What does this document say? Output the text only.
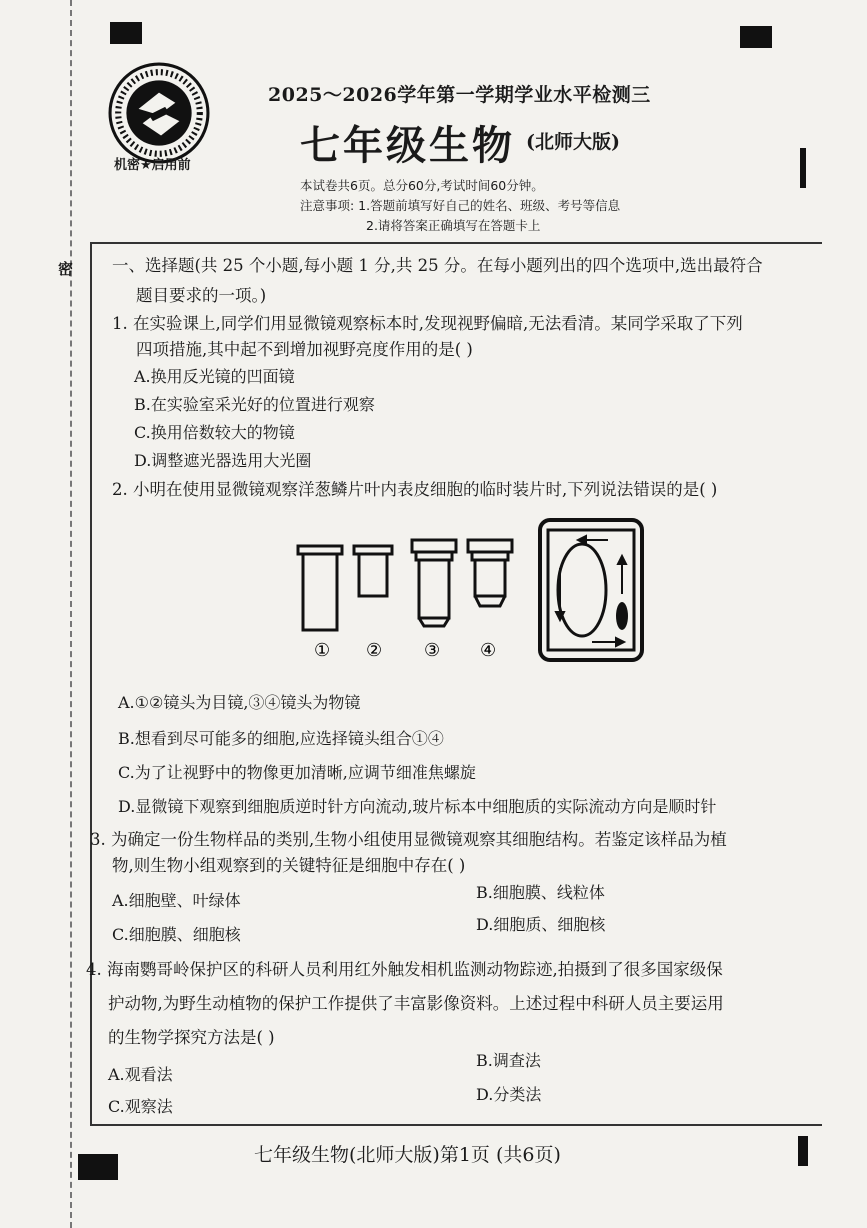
密
机密★启用前
2025～2026学年第一学期学业水平检测三
七年级生物 (北师大版)
本试卷共6页。总分60分,考试时间60分钟。
注意事项: 1.答题前填写好自己的姓名、班级、考号等信息
2.请将答案正确填写在答题卡上
一、选择题(共 25 个小题,每小题 1 分,共 25 分。在每小题列出的四个选项中,选出最符合
题目要求的一项。)
1. 在实验课上,同学们用显微镜观察标本时,发现视野偏暗,无法看清。某同学采取了下列
四项措施,其中起不到增加视野亮度作用的是( )
A.换用反光镜的凹面镜
B.在实验室采光好的位置进行观察
C.换用倍数较大的物镜
D.调整遮光器选用大光圈
2. 小明在使用显微镜观察洋葱鳞片叶内表皮细胞的临时装片时,下列说法错误的是( )
① ② ③ ④
A.①②镜头为目镜,③④镜头为物镜
B.想看到尽可能多的细胞,应选择镜头组合①④
C.为了让视野中的物像更加清晰,应调节细准焦螺旋
D.显微镜下观察到细胞质逆时针方向流动,玻片标本中细胞质的实际流动方向是顺时针
3. 为确定一份生物样品的类别,生物小组使用显微镜观察其细胞结构。若鉴定该样品为植
物,则生物小组观察到的关键特征是细胞中存在( )
A.细胞壁、叶绿体	B.细胞膜、线粒体
C.细胞膜、细胞核
D.细胞质、细胞核
4. 海南鹦哥岭保护区的科研人员利用红外触发相机监测动物踪迹,拍摄到了很多国家级保
护动物,为野生动植物的保护工作提供了丰富影像资料。上述过程中科研人员主要运用
的生物学探究方法是( )
A.观看法
B.调查法
C.观察法
D.分类法
七年级生物(北师大版)第1页 (共6页)
